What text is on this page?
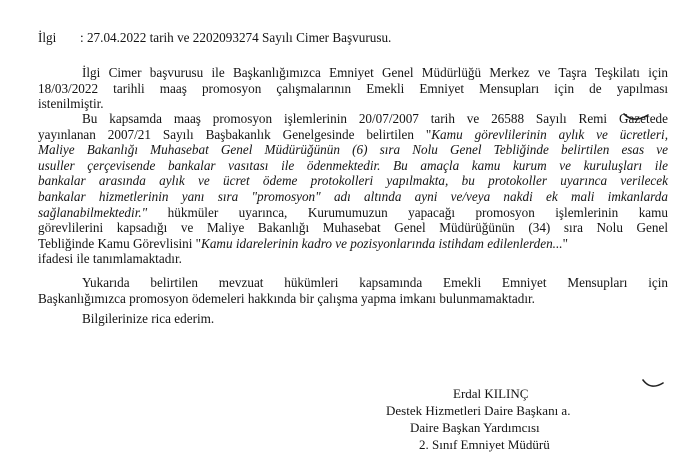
İlgi : 27.04.2022 tarih ve 2202093274 Sayılı Cimer Başvurusu.
İlgi Cimer başvurusu ile Başkanlığımızca Emniyet Genel Müdürlüğü Merkez ve Taşra Teşkilatı için
18/03/2022 tarihli maaş promosyon çalışmalarının Emekli Emniyet Mensupları için de yapılması
istenilmiştir.
Bu kapsamda maaş promosyon işlemlerinin 20/07/2007 tarih ve 26588 Sayılı Remi Gazetede
yayınlanan 2007/21 Sayılı Başbakanlık Genelgesinde belirtilen "Kamu görevlilerinin aylık ve ücretleri,
Maliye Bakanlığı Muhasebat Genel Müdürüğünün (6) sıra Nolu Genel Tebliğinde belirtilen esas ve
usuller çerçevisende bankalar vasıtası ile ödenmektedir. Bu amaçla kamu kurum ve kuruluşları ile
bankalar arasında aylık ve ücret ödeme protokolleri yapılmakta, bu protokoller uyarınca verilecek
bankalar hizmetlerinin yanı sıra "promosyon" adı altında ayni ve/veya nakdi ek mali imkanlarda
sağlanabilmektedir." hükmüler uyarınca, Kurumumuzun yapacağı promosyon işlemlerinin kamu
görevlilerini kapsadığı ve Maliye Bakanlığı Muhasebat Genel Müdürüğünün (34) sıra Nolu Genel
Tebliğinde Kamu Görevlisini "Kamu idarelerinin kadro ve pozisyonlarında istihdam edilenlerden..."
ifadesi ile tanımlamaktadır.
Yukarıda belirtilen mevzuat hükümleri kapsamında Emekli Emniyet Mensupları için
Başkanlığımızca promosyon ödemeleri hakkında bir çalışma yapma imkanı bulunmamaktadır.
Bilgilerinize rica ederim.
Erdal KILINÇ
Destek Hizmetleri Daire Başkanı a.
Daire Başkan Yardımcısı
2. Sınıf Emniyet Müdürü
